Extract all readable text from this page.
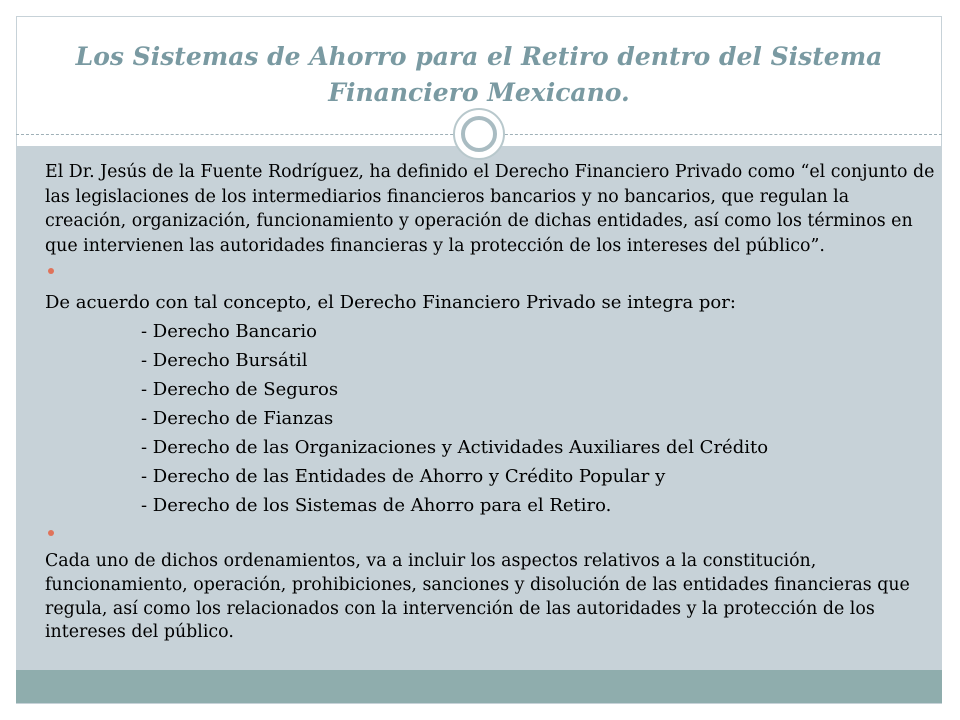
Los Sistemas de Ahorro para el Retiro dentro del Sistema Financiero Mexicano.

El Dr. Jesús de la Fuente Rodríguez, ha definido el Derecho Financiero Privado como “el conjunto de las legislaciones de los intermediarios financieros bancarios y no bancarios, que regulan la creación, organización, funcionamiento y operación de dichas entidades, así como los términos en que intervienen las autoridades financieras y la protección de los intereses del público”.

De acuerdo con tal concepto, el Derecho Financiero Privado se integra por:

- Derecho Bancario

- Derecho Bursátil

- Derecho de Seguros

- Derecho de Fianzas

- Derecho de las Organizaciones y Actividades Auxiliares del Crédito

- Derecho de las Entidades de Ahorro y Crédito Popular y

- Derecho de los Sistemas de Ahorro para el Retiro.

Cada uno de dichos ordenamientos, va a incluir los aspectos relativos a la constitución, funcionamiento, operación, prohibiciones, sanciones y disolución de las entidades financieras que regula, así como los relacionados con la intervención de las autoridades y la protección de los intereses del público.
